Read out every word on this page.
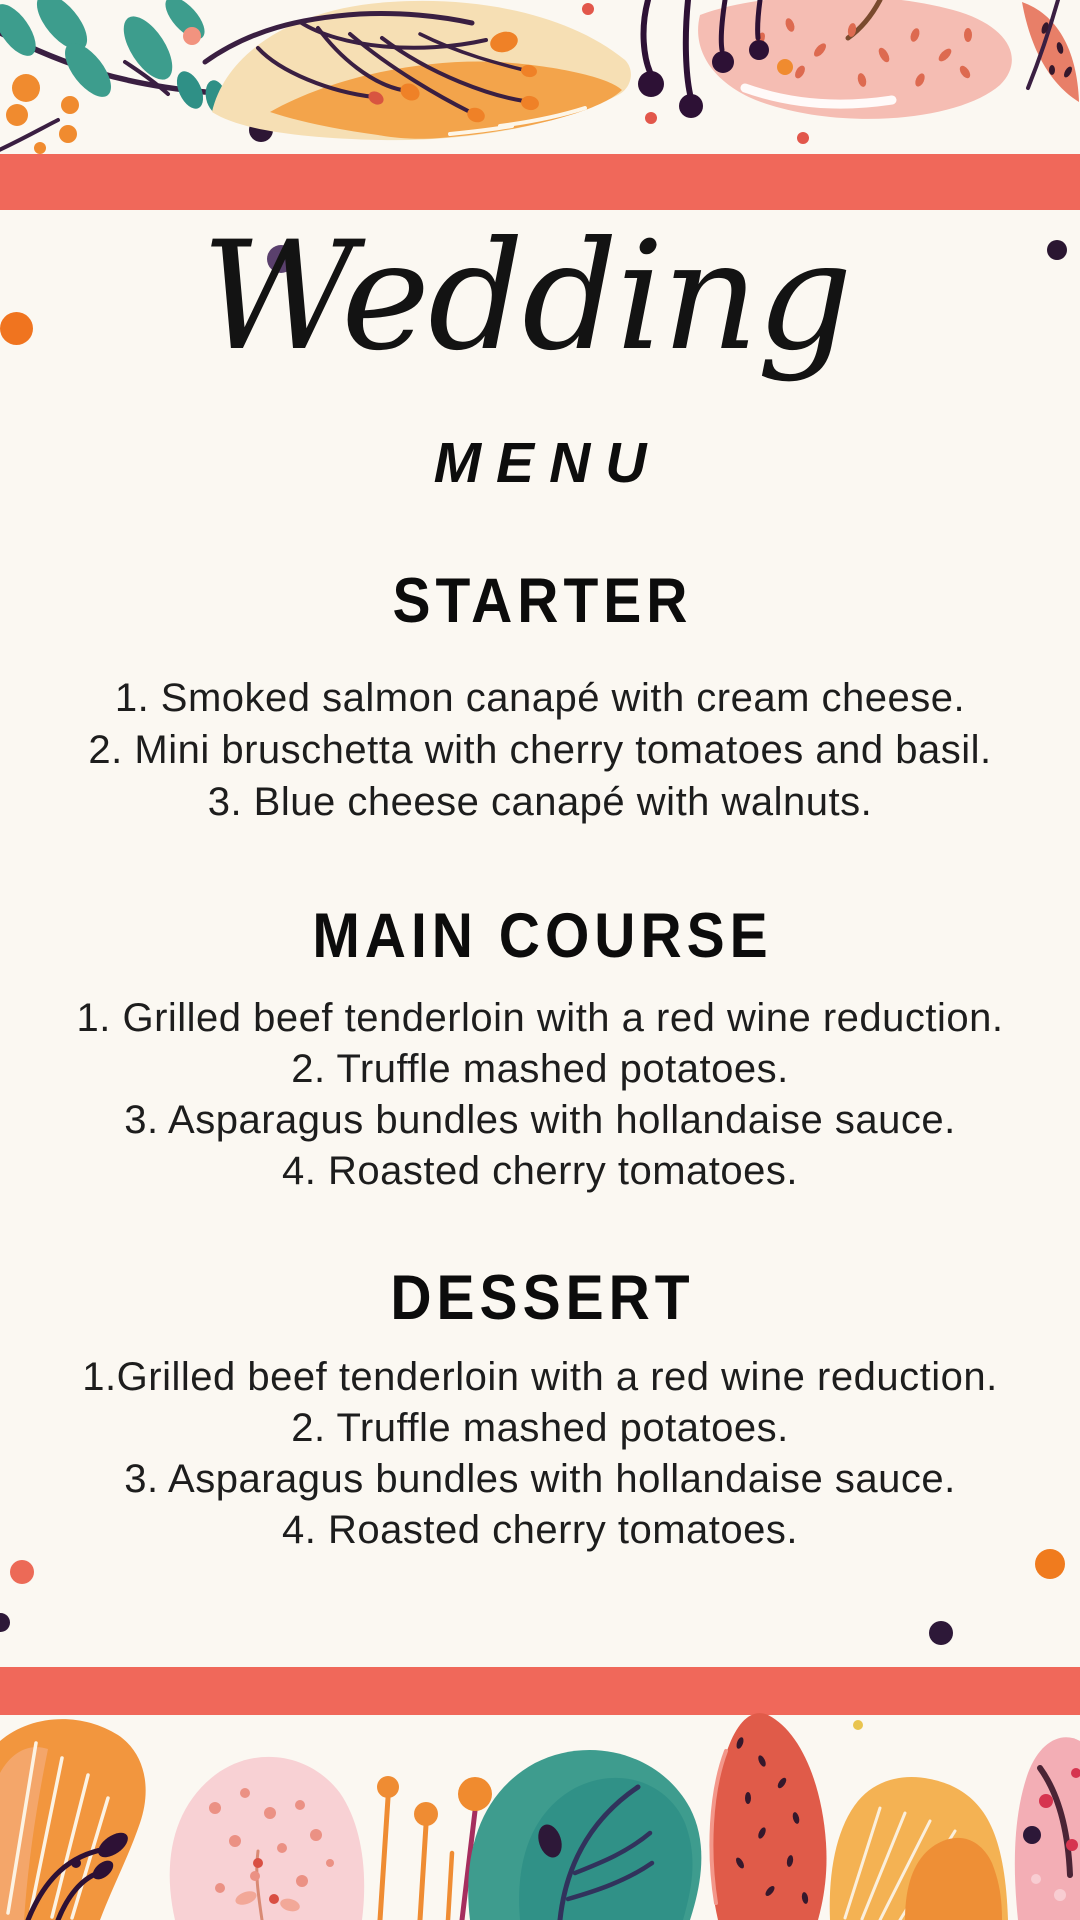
Wedding
MENU
STARTER
1. Smoked salmon canapé with cream cheese.
2. Mini bruschetta with cherry tomatoes and basil.
3. Blue cheese canapé with walnuts.
MAIN COURSE
1. Grilled beef tenderloin with a red wine reduction.
2. Truffle mashed potatoes.
3. Asparagus bundles with hollandaise sauce.
4. Roasted cherry tomatoes.
DESSERT
1.Grilled beef tenderloin with a red wine reduction.
2. Truffle mashed potatoes.
3. Asparagus bundles with hollandaise sauce.
4. Roasted cherry tomatoes.
